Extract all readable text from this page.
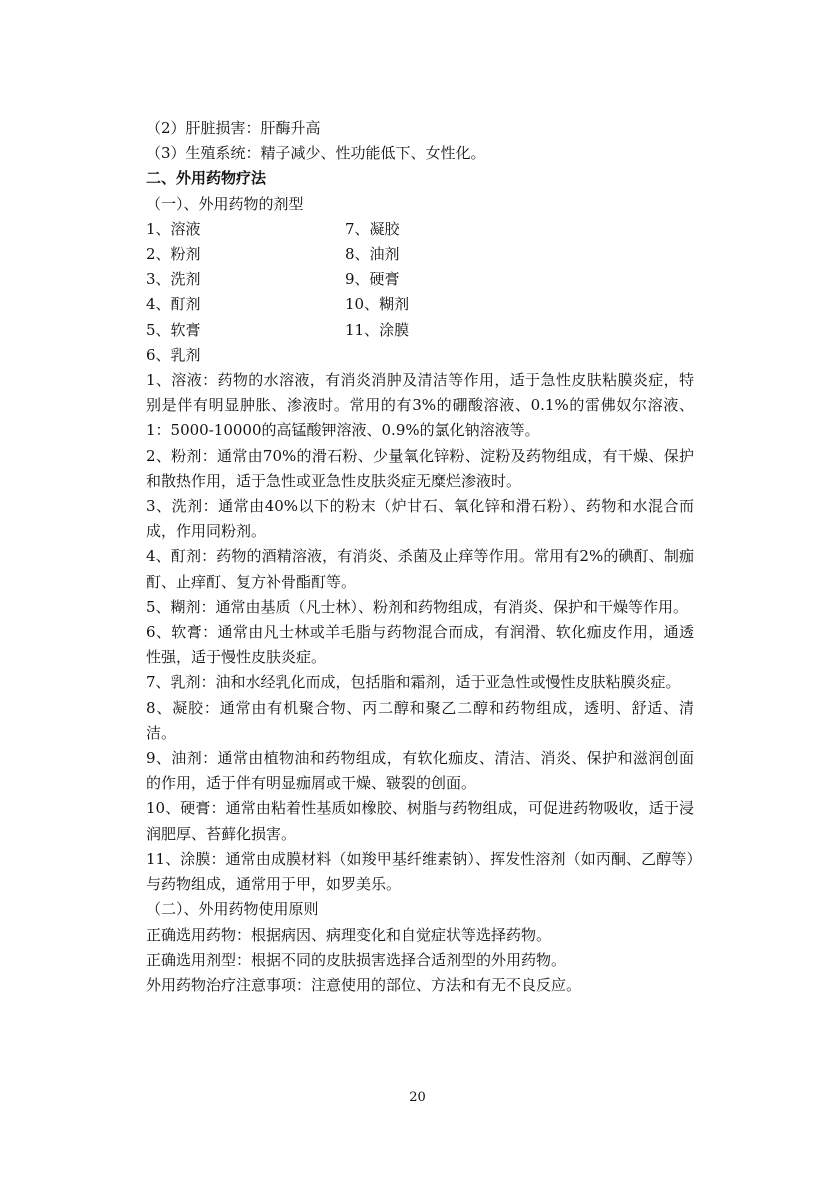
（2）肝脏损害：肝酶升高

（3）生殖系统：精子减少、性功能低下、女性化。

二、外用药物疗法

（一）、外用药物的剂型

1、溶液	7、凝胶
2、粉剂	8、油剂
3、洗剂	9、硬膏
4、酊剂	10、糊剂
5、软膏	11、涂膜
6、乳剂

1、溶液：药物的水溶液，有消炎消肿及清洁等作用，适于急性皮肤粘膜炎症，特别是伴有明显肿胀、渗液时。常用的有3%的硼酸溶液、0.1%的雷佛奴尔溶液、1：5000-10000的高锰酸钾溶液、0.9%的氯化钠溶液等。

2、粉剂：通常由70%的滑石粉、少量氧化锌粉、淀粉及药物组成，有干燥、保护和散热作用，适于急性或亚急性皮肤炎症无糜烂渗液时。

3、洗剂：通常由40%以下的粉末（炉甘石、氧化锌和滑石粉）、药物和水混合而成，作用同粉剂。

4、酊剂：药物的酒精溶液，有消炎、杀菌及止痒等作用。常用有2%的碘酊、制痂酊、止痒酊、复方补骨酯酊等。

5、糊剂：通常由基质（凡士林）、粉剂和药物组成，有消炎、保护和干燥等作用。

6、软膏：通常由凡士林或羊毛脂与药物混合而成，有润滑、软化痂皮作用，通透性强，适于慢性皮肤炎症。

7、乳剂：油和水经乳化而成，包括脂和霜剂，适于亚急性或慢性皮肤粘膜炎症。

8、凝胶：通常由有机聚合物、丙二醇和聚乙二醇和药物组成，透明、舒适、清洁。

9、油剂：通常由植物油和药物组成，有软化痂皮、清洁、消炎、保护和滋润创面的作用，适于伴有明显痂屑或干燥、皲裂的创面。

10、硬膏：通常由粘着性基质如橡胶、树脂与药物组成，可促进药物吸收，适于浸润肥厚、苔藓化损害。

11、涂膜：通常由成膜材料（如羧甲基纤维素钠）、挥发性溶剂（如丙酮、乙醇等）与药物组成，通常用于甲，如罗美乐。

（二）、外用药物使用原则

正确选用药物：根据病因、病理变化和自觉症状等选择药物。

正确选用剂型：根据不同的皮肤损害选择合适剂型的外用药物。

外用药物治疗注意事项：注意使用的部位、方法和有无不良反应。

20
